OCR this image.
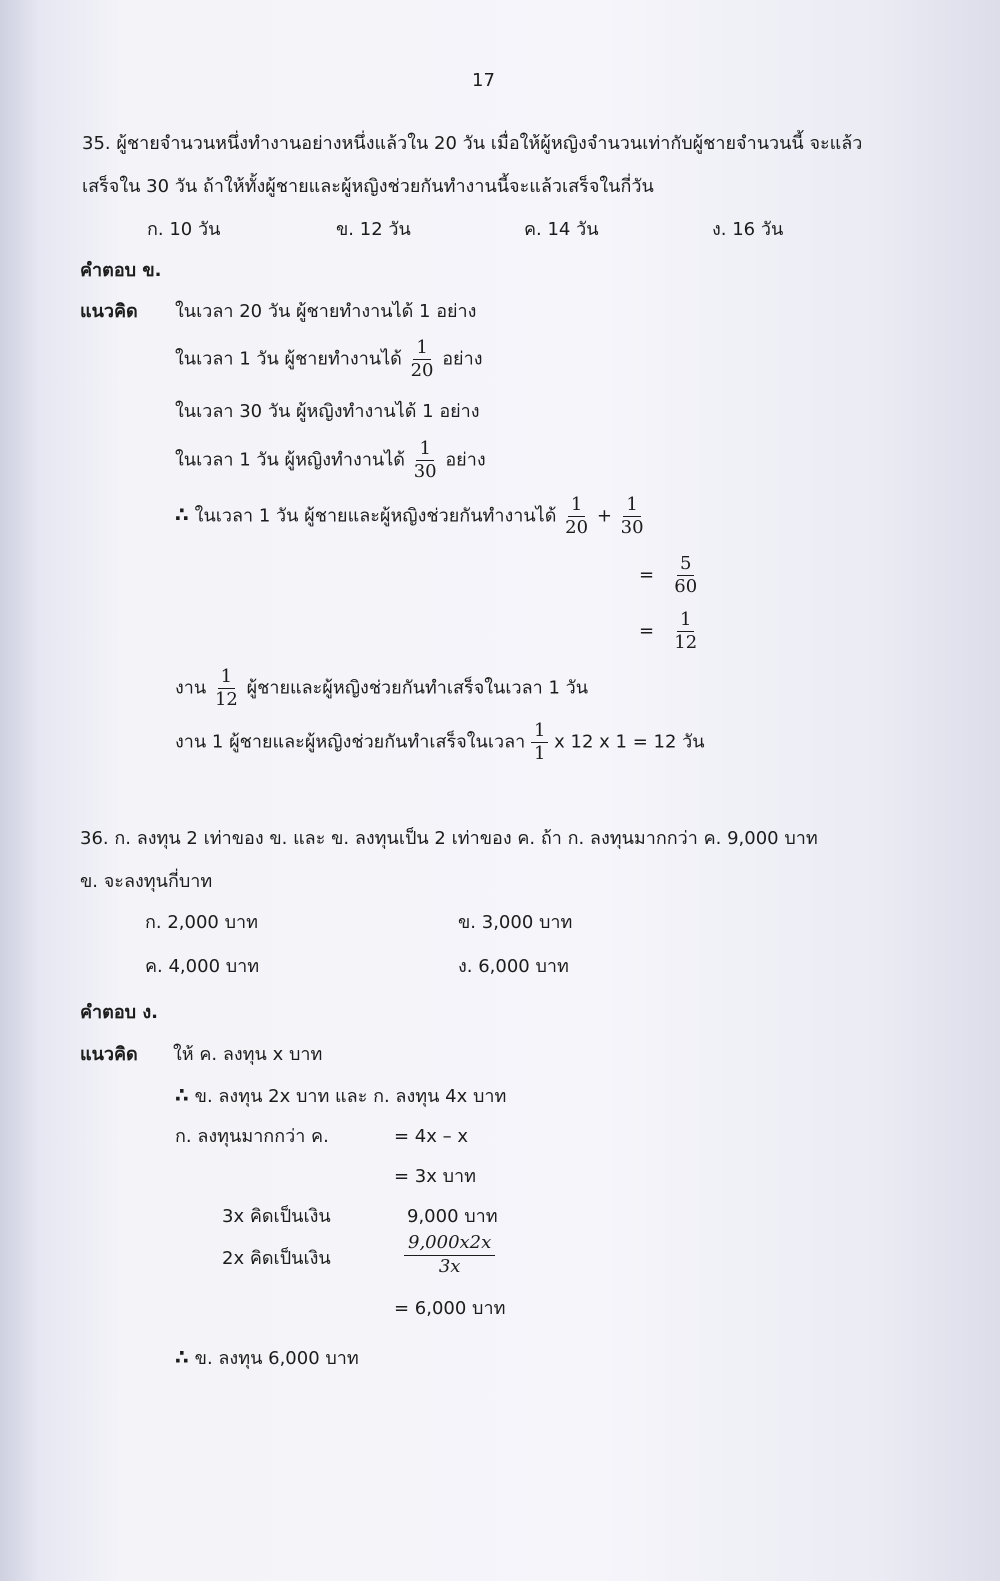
17
35. ผู้ชายจำนวนหนึ่งทำงานอย่างหนึ่งแล้วใน 20 วัน เมื่อให้ผู้หญิงจำนวนเท่ากับผู้ชายจำนวนนี้ จะแล้ว
เสร็จใน 30 วัน ถ้าให้ทั้งผู้ชายและผู้หญิงช่วยกันทำงานนี้จะแล้วเสร็จในกี่วัน
ก. 10 วัน	ข. 12 วัน	ค. 14 วัน	ง. 16 วัน
คำตอบ ข.
แนวคิด ในเวลา 20 วัน ผู้ชายทำงานได้ 1 อย่าง
ในเวลา 1 วัน ผู้ชายทำงานได้ $\frac{1}{20}$ อย่าง
ในเวลา 30 วัน ผู้หญิงทำงานได้ 1 อย่าง
ในเวลา 1 วัน ผู้หญิงทำงานได้ $\frac{1}{30}$ อย่าง
∴ ในเวลา 1 วัน ผู้ชายและผู้หญิงช่วยกันทำงานได้ $\frac{1}{20} + \frac{1}{30}$
= $\frac{5}{60}$
= $\frac{1}{12}$
งาน $\frac{1}{12}$ ผู้ชายและผู้หญิงช่วยกันทำเสร็จในเวลา 1 วัน
งาน 1 ผู้ชายและผู้หญิงช่วยกันทำเสร็จในเวลา $\frac{1}{1}$ x 12 x 1 = 12 วัน
36. ก. ลงทุน 2 เท่าของ ข. และ ข. ลงทุนเป็น 2 เท่าของ ค. ถ้า ก. ลงทุนมากกว่า ค. 9,000 บาท
ข. จะลงทุนกี่บาท
ก. 2,000 บาท	ข. 3,000 บาท
ค. 4,000 บาท	ง. 6,000 บาท
คำตอบ ง.
แนวคิด ให้ ค. ลงทุน x บาท
∴ ข. ลงทุน 2x บาท และ ก. ลงทุน 4x บาท
ก. ลงทุนมากกว่า ค.	= 4x – x
= 3x บาท
3x คิดเป็นเงิน	9,000 บาท
2x คิดเป็นเงิน	$\frac{9,000x2x}{3x}$
= 6,000 บาท
∴ ข. ลงทุน 6,000 บาท
